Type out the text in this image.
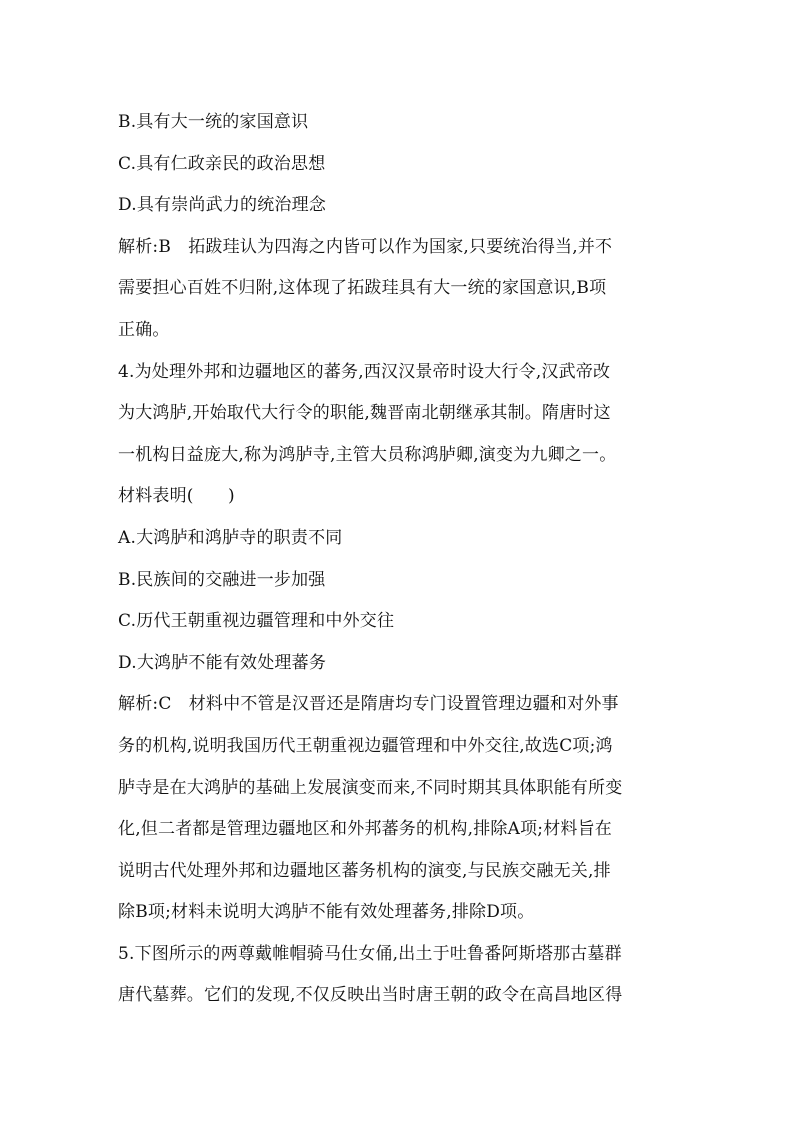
B.具有大一统的家国意识
C.具有仁政亲民的政治思想
D.具有崇尚武力的统治理念
解析:B　拓跋珪认为四海之内皆可以作为国家,只要统治得当,并不
需要担心百姓不归附,这体现了拓跋珪具有大一统的家国意识,B项
正确。
4.为处理外邦和边疆地区的蕃务,西汉汉景帝时设大行令,汉武帝改
为大鸿胪,开始取代大行令的职能,魏晋南北朝继承其制。隋唐时这
一机构日益庞大,称为鸿胪寺,主管大员称鸿胪卿,演变为九卿之一。
材料表明(　　)
A.大鸿胪和鸿胪寺的职责不同
B.民族间的交融进一步加强
C.历代王朝重视边疆管理和中外交往
D.大鸿胪不能有效处理蕃务
解析:C　材料中不管是汉晋还是隋唐均专门设置管理边疆和对外事
务的机构,说明我国历代王朝重视边疆管理和中外交往,故选C项;鸿
胪寺是在大鸿胪的基础上发展演变而来,不同时期其具体职能有所变
化,但二者都是管理边疆地区和外邦蕃务的机构,排除A项;材料旨在
说明古代处理外邦和边疆地区蕃务机构的演变,与民族交融无关,排
除B项;材料未说明大鸿胪不能有效处理蕃务,排除D项。
5.下图所示的两尊戴帷帽骑马仕女俑,出土于吐鲁番阿斯塔那古墓群
唐代墓葬。它们的发现,不仅反映出当时唐王朝的政令在高昌地区得
